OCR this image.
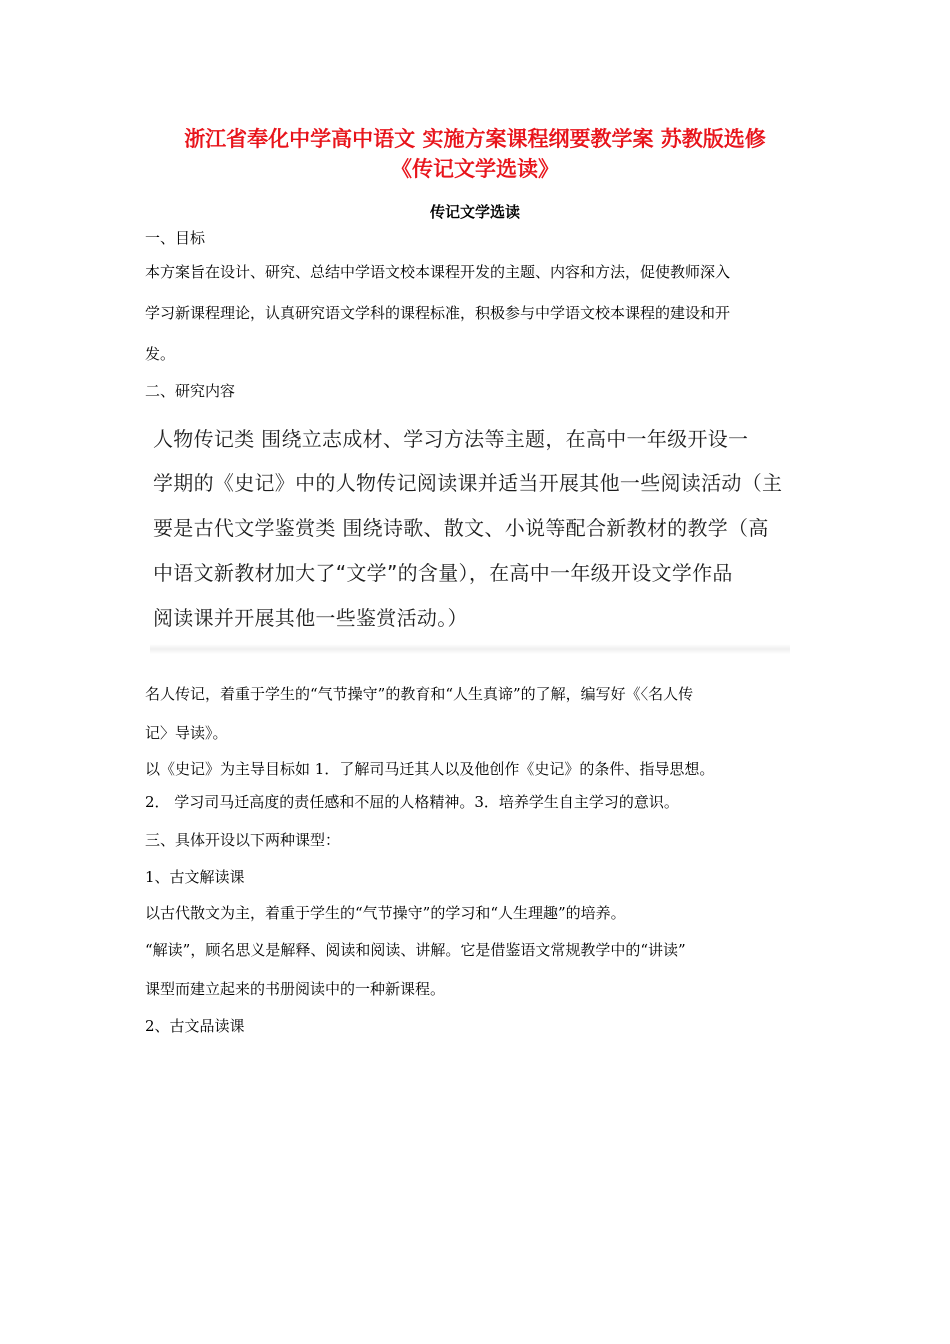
浙江省奉化中学高中语文 实施方案课程纲要教学案 苏教版选修
《传记文学选读》
传记文学选读
一、目标
本方案旨在设计、研究、总结中学语文校本课程开发的主题、内容和方法，促使教师深入
学习新课程理论，认真研究语文学科的课程标准，积极参与中学语文校本课程的建设和开
发。
二、研究内容
人物传记类 围绕立志成材、学习方法等主题，在高中一年级开设一
学期的《史记》中的人物传记阅读课并适当开展其他一些阅读活动（主
要是古代文学鉴赏类 围绕诗歌、散文、小说等配合新教材的教学（高
中语文新教材加大了“文学”的含量），在高中一年级开设文学作品
阅读课并开展其他一些鉴赏活动。）
名人传记，着重于学生的“气节操守”的教育和“人生真谛”的了解，编写好《〈名人传
记〉导读》。
以《史记》为主导目标如 1．了解司马迁其人以及他创作《史记》的条件、指导思想。
2． 学习司马迁高度的责任感和不屈的人格精神。3．培养学生自主学习的意识。
三、具体开设以下两种课型：
1、古文解读课
以古代散文为主，着重于学生的“气节操守”的学习和“人生理趣”的培养。
“解读”，顾名思义是解释、阅读和阅读、讲解。它是借鉴语文常规教学中的“讲读”
课型而建立起来的书册阅读中的一种新课程。
2、古文品读课
